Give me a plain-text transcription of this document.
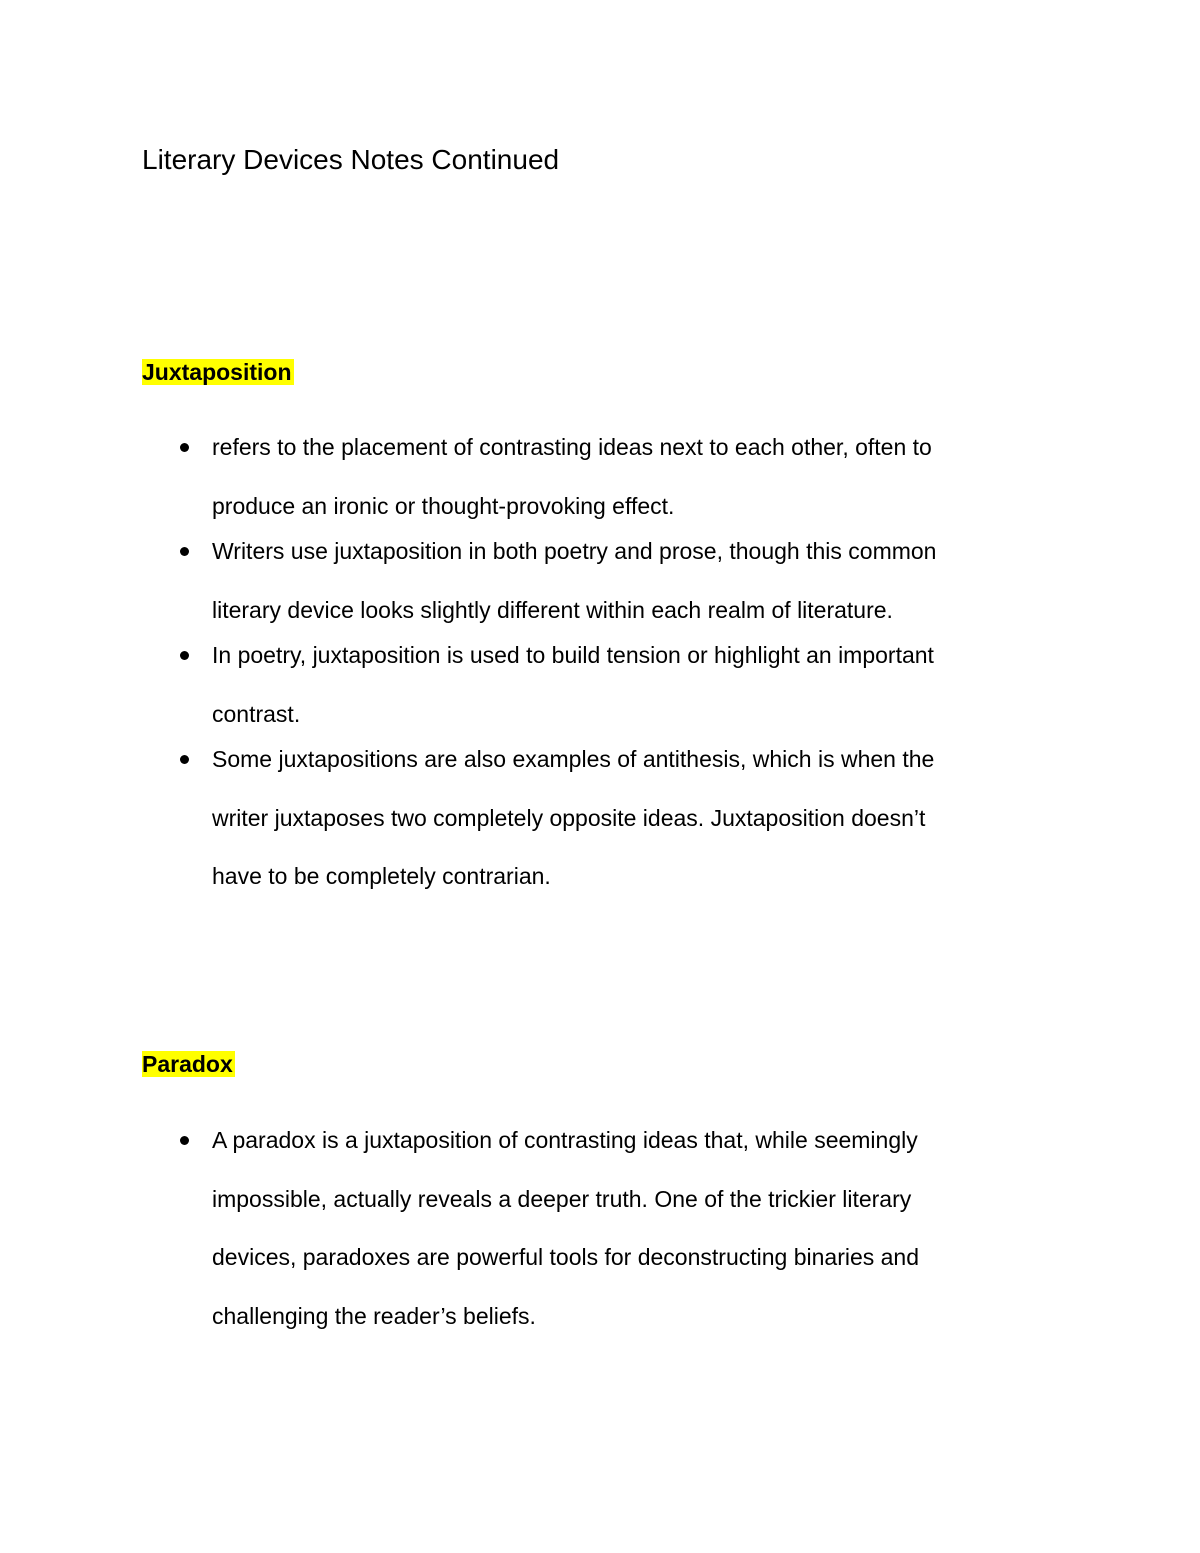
Literary Devices Notes Continued
Juxtaposition
refers to the placement of contrasting ideas next to each other, often to
produce an ironic or thought-provoking effect.
Writers use juxtaposition in both poetry and prose, though this common
literary device looks slightly different within each realm of literature.
In poetry, juxtaposition is used to build tension or highlight an important
contrast.
Some juxtapositions are also examples of antithesis, which is when the
writer juxtaposes two completely opposite ideas. Juxtaposition doesn’t
have to be completely contrarian.
Paradox
A paradox is a juxtaposition of contrasting ideas that, while seemingly
impossible, actually reveals a deeper truth. One of the trickier literary
devices, paradoxes are powerful tools for deconstructing binaries and
challenging the reader’s beliefs.
